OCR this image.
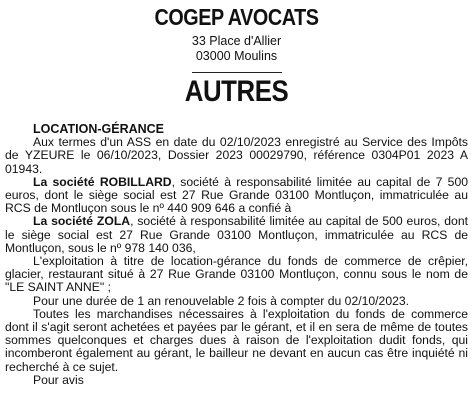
COGEP AVOCATS
33 Place d'Allier
03000 Moulins
AUTRES

LOCATION-GÉRANCE

Aux termes d'un ASS en date du 02/10/2023 enregistré au Service des Impôts de YZEURE le 06/10/2023, Dossier 2023 00029790, référence 0304P01 2023 A 01943.

La société ROBILLARD, société à responsabilité limitée au capital de 7 500 euros, dont le siège social est 27 Rue Grande 03100 Montluçon, immatriculée au RCS de Montluçon sous le nº 440 909 646 a confié à

La société ZOLA, société à responsabilité limitée au capital de 500 euros, dont le siège social est 27 Rue Grande 03100 Montluçon, immatriculée au RCS de Montluçon, sous le nº 978 140 036,

L'exploitation à titre de location-gérance du fonds de commerce de crêpier, glacier, restaurant situé à 27 Rue Grande 03100 Montluçon, connu sous le nom de "LE SAINT ANNE" ;

Pour une durée de 1 an renouvelable 2 fois à compter du 02/10/2023.

Toutes les marchandises nécessaires à l'exploitation du fonds de commerce dont il s'agit seront achetées et payées par le gérant, et il en sera de même de toutes sommes quelconques et charges dues à raison de l'exploitation dudit fonds, qui incomberont également au gérant, le bailleur ne devant en aucun cas être inquiété ni recherché à ce sujet.

Pour avis
